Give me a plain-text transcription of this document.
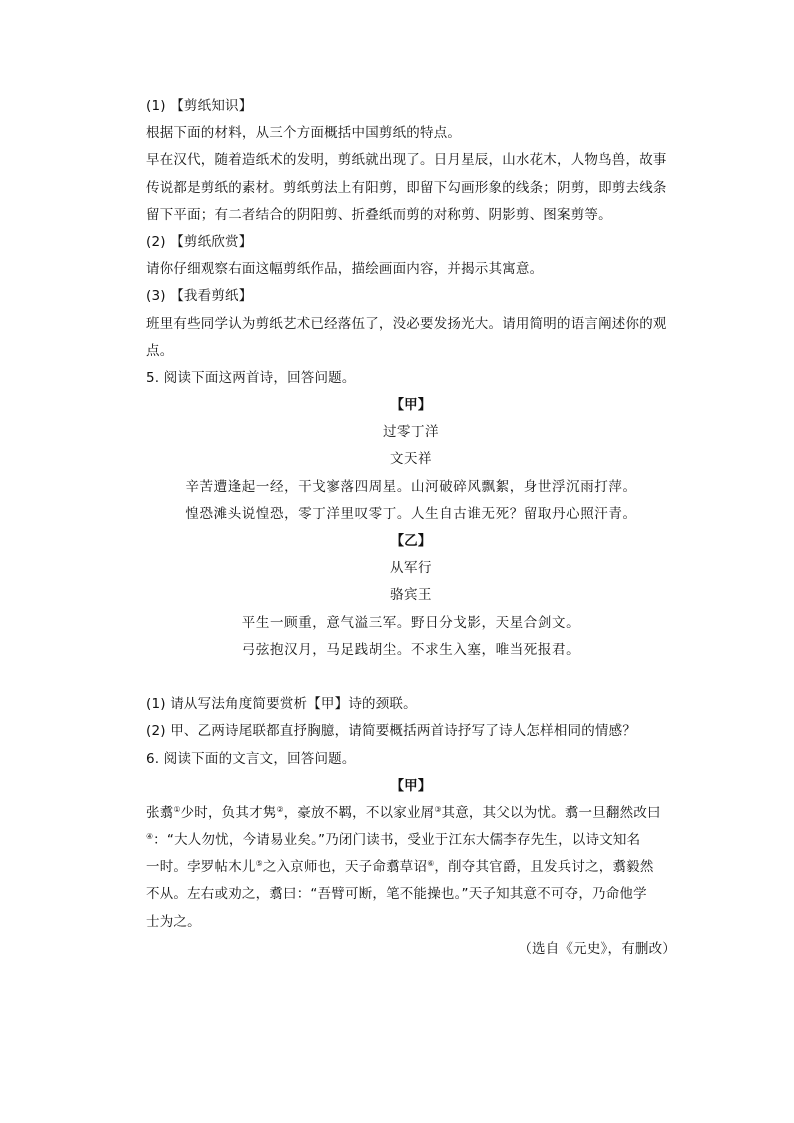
(1) 【剪纸知识】
根据下面的材料，从三个方面概括中国剪纸的特点。
早在汉代，随着造纸术的发明，剪纸就出现了。日月星辰，山水花木，人物鸟兽，故事
传说都是剪纸的素材。剪纸剪法上有阳剪，即留下勾画形象的线条；阴剪，即剪去线条
留下平面；有二者结合的阴阳剪、折叠纸而剪的对称剪、阴影剪、图案剪等。
(2) 【剪纸欣赏】
请你仔细观察右面这幅剪纸作品，描绘画面内容，并揭示其寓意。
(3) 【我看剪纸】
班里有些同学认为剪纸艺术已经落伍了，没必要发扬光大。请用简明的语言阐述你的观
点。
5. 阅读下面这两首诗，回答问题。
【甲】
过零丁洋
文天祥
辛苦遭逢起一经，干戈寥落四周星。山河破碎风飘絮，身世浮沉雨打萍。
惶恐滩头说惶恐，零丁洋里叹零丁。人生自古谁无死？留取丹心照汗青。
【乙】
从军行
骆宾王
平生一顾重，意气溢三军。野日分戈影，天星合剑文。
弓弦抱汉月，马足践胡尘。不求生入塞，唯当死报君。
(1) 请从写法角度简要赏析【甲】诗的颈联。
(2) 甲、乙两诗尾联都直抒胸臆，请简要概括两首诗抒写了诗人怎样相同的情感？
6. 阅读下面的文言文，回答问题。
【甲】
张翥①少时，负其才隽②，豪放不羁，不以家业屑③其意，其父以为忧。翥一旦翻然改曰
④：“大人勿忧，今请易业矣。”乃闭门读书，受业于江东大儒李存先生，以诗文知名
一时。孛罗帖木儿⑤之入京师也，天子命翥草诏⑥，削夺其官爵，且发兵讨之，翥毅然
不从。左右或劝之，翥曰：“吾臂可断，笔不能操也。”天子知其意不可夺，乃命他学
士为之。
（选自《元史》，有删改）
